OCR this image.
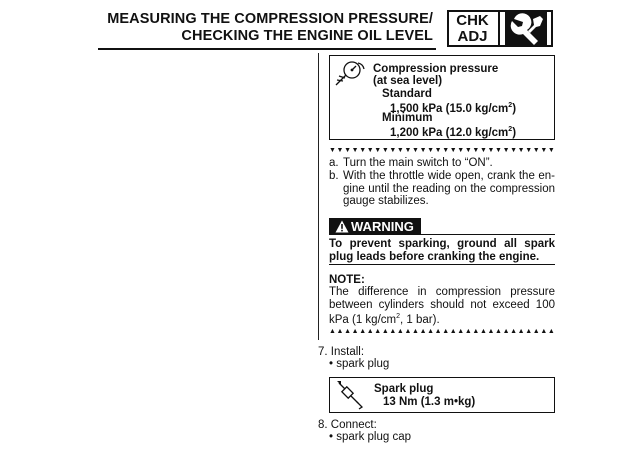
MEASURING THE COMPRESSION PRESSURE/
CHECKING THE ENGINE OIL LEVEL
CHK
ADJ
Compression pressure
(at sea level)
Standard
1,500 kPa (15.0 $kg/cm^2$)
Minimum
1,200 kPa (12.0 $kg/cm^2$)
▼ ▼ ▼ ▼ ▼ ▼ ▼ ▼ ▼ ▼ ▼ ▼ ▼ ▼ ▼ ▼ ▼ ▼ ▼ ▼ ▼ ▼ ▼ ▼ ▼ ▼ ▼ ▼ ▼ ▼
a. Turn the main switch to “ON”.
b. With the throttle wide open, crank the en-gine until the reading on the compression gauge stabilizes.
WARNING
To prevent sparking, ground all spark plug leads before cranking the engine.
NOTE:
The difference in compression pressure between cylinders should not exceed 100 kPa (1 $kg/cm^2$, 1 bar).
▲ ▲ ▲ ▲ ▲ ▲ ▲ ▲ ▲ ▲ ▲ ▲ ▲ ▲ ▲ ▲ ▲ ▲ ▲ ▲ ▲ ▲ ▲ ▲ ▲ ▲ ▲ ▲ ▲ ▲
7. Install:
• spark plug
Spark plug
13 Nm (1.3 m•kg)
8. Connect:
• spark plug cap
